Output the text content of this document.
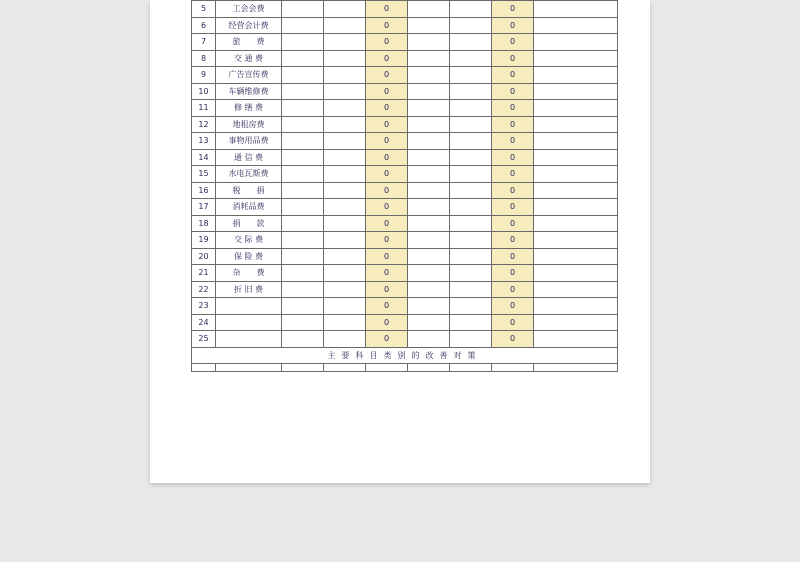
5	工会会费			0			0	
6	经营会计费			0			0	
7	旅　　费			0			0	
8	交 通 费			0			0	
9	广告宣传费			0			0	
10	车辆维修费			0			0	
11	修 缮 费			0			0	
12	地租房费			0			0	
13	事物用品费			0			0	
14	通 信 费			0			0	
15	水电瓦斯费			0			0	
16	税　　捐			0			0	
17	消耗品费			0			0	
18	捐　　款			0			0	
19	交 际 费			0			0	
20	保 险 费			0			0	
21	杂　　费			0			0	
22	折 旧 费			0			0	
23				0			0	
24				0			0	
25				0			0	
主要科目类别的改善对策								
